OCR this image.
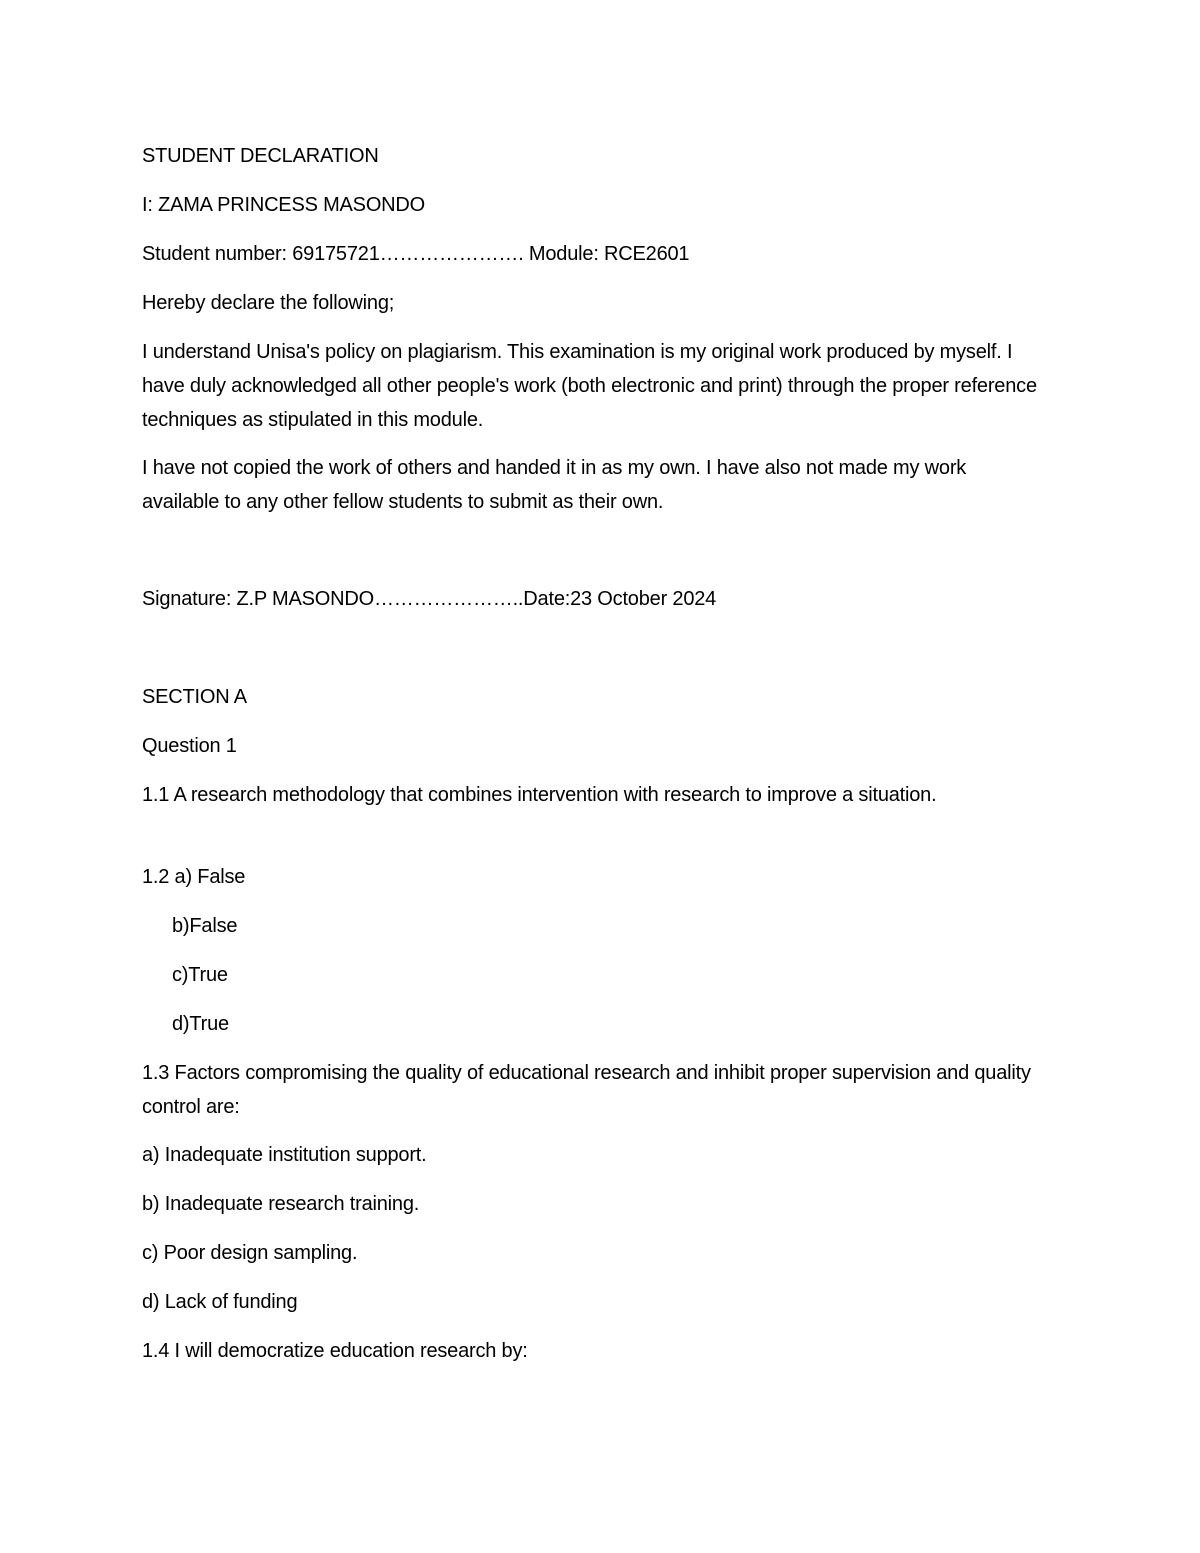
STUDENT DECLARATION
I: ZAMA PRINCESS MASONDO
Student number: 69175721…………………. Module: RCE2601
Hereby declare the following;
I understand Unisa's policy on plagiarism. This examination is my original work produced by myself. I have duly acknowledged all other people's work (both electronic and print) through the proper reference techniques as stipulated in this module.
I have not copied the work of others and handed it in as my own. I have also not made my work available to any other fellow students to submit as their own.
Signature: Z.P MASONDO…………………..Date:23 October 2024
SECTION A
Question 1
1.1 A research methodology that combines intervention with research to improve a situation.
1.2 a) False
b)False
c)True
d)True
1.3 Factors compromising the quality of educational research and inhibit proper supervision and quality control are:
a) Inadequate institution support.
b) Inadequate research training.
c) Poor design sampling.
d) Lack of funding
1.4 I will democratize education research by:
